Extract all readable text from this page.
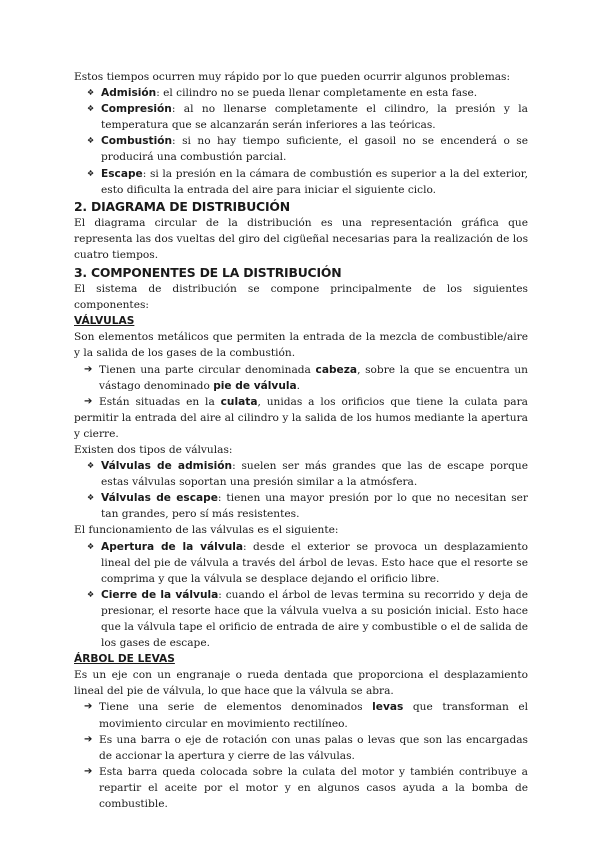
Estos tiempos ocurren muy rápido por lo que pueden ocurrir algunos problemas:

❖ Admisión: el cilindro no se pueda llenar completamente en esta fase.
❖ Compresión: al no llenarse completamente el cilindro, la presión y la temperatura que se alcanzarán serán inferiores a las teóricas.
❖ Combustión: si no hay tiempo suficiente, el gasoil no se encenderá o se producirá una combustión parcial.
❖ Escape: si la presión en la cámara de combustión es superior a la del exterior, esto dificulta la entrada del aire para iniciar el siguiente ciclo.

2. DIAGRAMA DE DISTRIBUCIÓN

El diagrama circular de la distribución es una representación gráfica que representa las dos vueltas del giro del cigüeñal necesarias para la realización de los cuatro tiempos.

3. COMPONENTES DE LA DISTRIBUCIÓN

El sistema de distribución se compone principalmente de los siguientes componentes:

VÁLVULAS

Son elementos metálicos que permiten la entrada de la mezcla de combustible/aire y la salida de los gases de la combustión.

➔ Tienen una parte circular denominada cabeza, sobre la que se encuentra un vástago denominado pie de válvula.
➔ Están situadas en la culata, unidas a los orificios que tiene la culata para permitir la entrada del aire al cilindro y la salida de los humos mediante la apertura y cierre.

Existen dos tipos de válvulas:

❖ Válvulas de admisión: suelen ser más grandes que las de escape porque estas válvulas soportan una presión similar a la atmósfera.
❖ Válvulas de escape: tienen una mayor presión por lo que no necesitan ser tan grandes, pero sí más resistentes.

El funcionamiento de las válvulas es el siguiente:

❖ Apertura de la válvula: desde el exterior se provoca un desplazamiento lineal del pie de válvula a través del árbol de levas. Esto hace que el resorte se comprima y que la válvula se desplace dejando el orificio libre.
❖ Cierre de la válvula: cuando el árbol de levas termina su recorrido y deja de presionar, el resorte hace que la válvula vuelva a su posición inicial. Esto hace que la válvula tape el orificio de entrada de aire y combustible o el de salida de los gases de escape.

ÁRBOL DE LEVAS

Es un eje con un engranaje o rueda dentada que proporciona el desplazamiento lineal del pie de válvula, lo que hace que la válvula se abra.

➔ Tiene una serie de elementos denominados levas que transforman el movimiento circular en movimiento rectilíneo.
➔ Es una barra o eje de rotación con unas palas o levas que son las encargadas de accionar la apertura y cierre de las válvulas.
➔ Esta barra queda colocada sobre la culata del motor y también contribuye a repartir el aceite por el motor y en algunos casos ayuda a la bomba de combustible.
